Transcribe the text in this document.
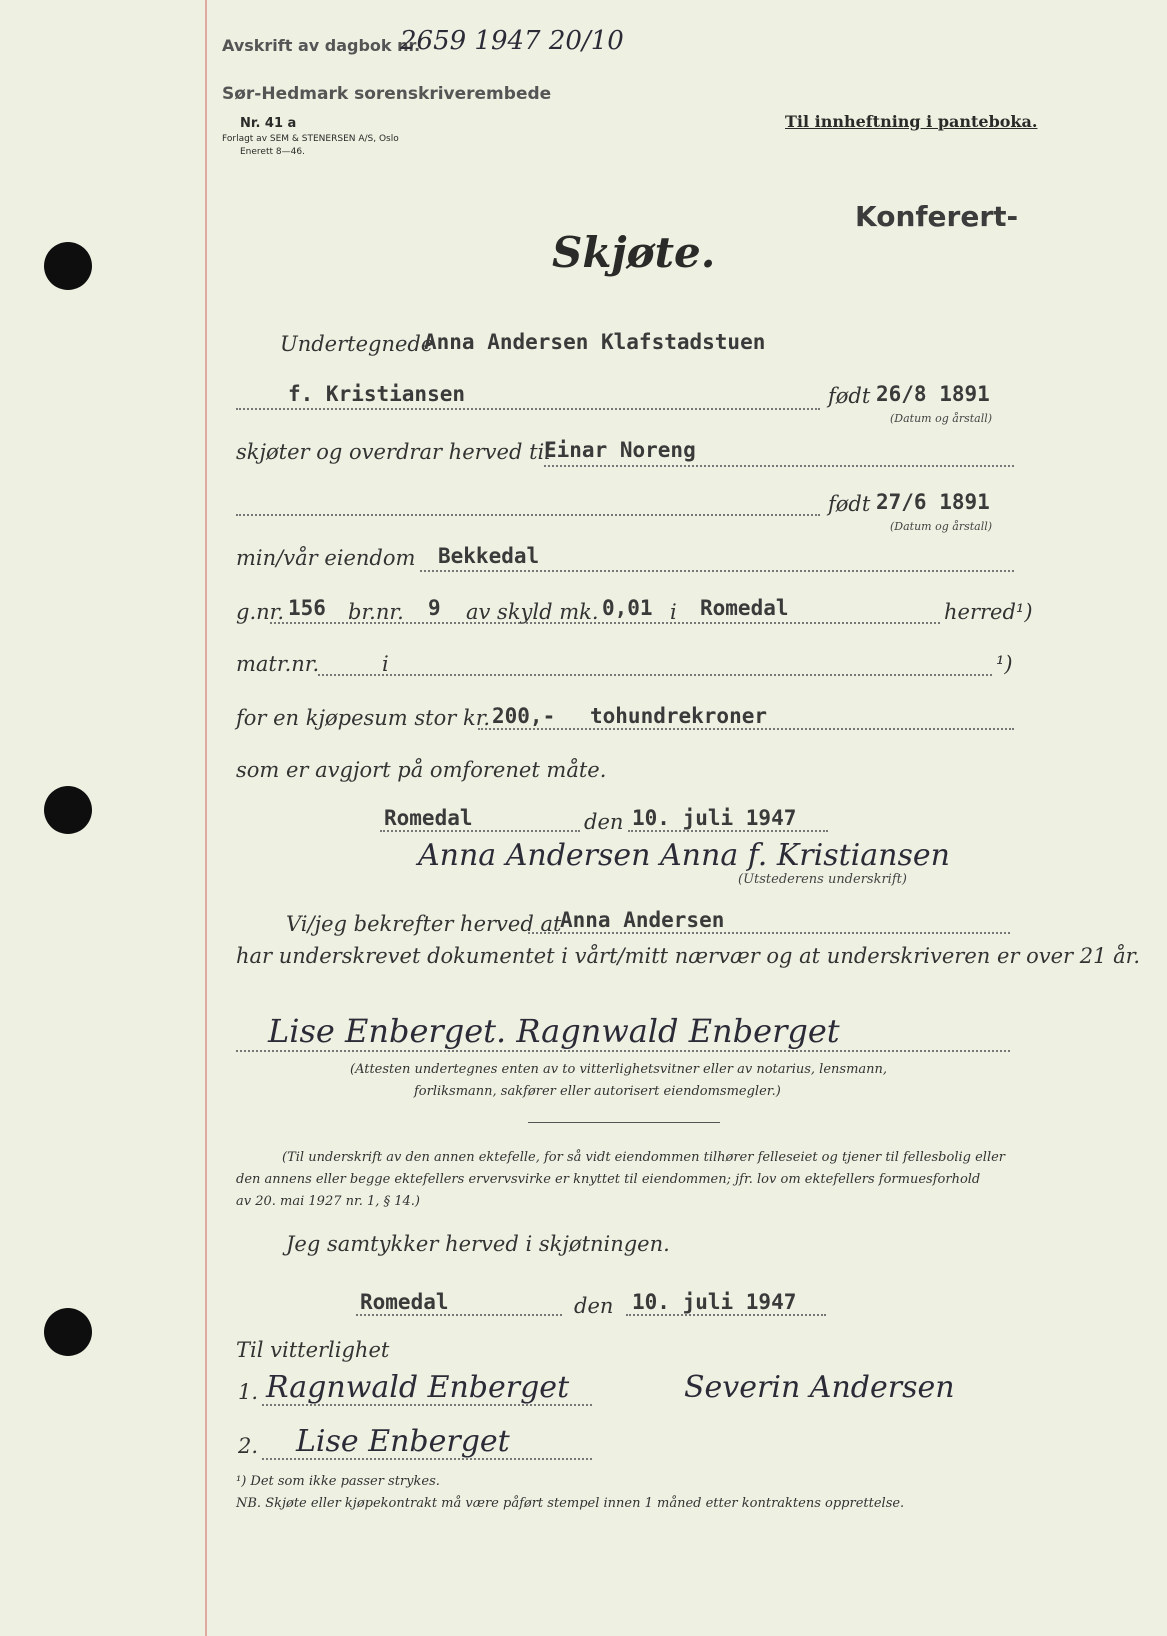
Avskrift av dagbok nr.
2659 1947 20/10
Sør-Hedmark sorenskriverembede
Nr. 41 a
Forlagt av SEM & STENERSEN A/S, Oslo
Enerett 8—46.
Til innheftning i panteboka.
Konferert-
Skjøte.
Undertegnede
Anna Andersen Klafstadstuen
f. Kristiansen	født 26/8 1891
(Datum og årstall)
skjøter og overdrar herved til
Einar Noreng
født 27/6 1891
(Datum og årstall)
min/vår eiendom Bekkedal
g.nr. 156 br.nr. 9 av skyld mk. 0,01 i Romedal	herred¹)
matr.nr.	i	¹)
for en kjøpesum stor kr. 200,- tohundrekroner
som er avgjort på omforenet måte.
Romedal	den 10. juli 1947
Anna Andersen Anna f. Kristiansen
(Utstederens underskrift)
Vi/jeg bekrefter herved at
Anna Andersen
har underskrevet dokumentet i vårt/mitt nærvær og at underskriveren er over 21 år.
Lise Enberget. Ragnwald Enberget
(Attesten undertegnes enten av to vitterlighetsvitner eller av notarius, lensmann,
forliksmann, sakfører eller autorisert eiendomsmegler.)
(Til underskrift av den annen ektefelle, for så vidt eiendommen tilhører felleseiet og tjener til fellesbolig eller
den annens eller begge ektefellers ervervsvirke er knyttet til eiendommen; jfr. lov om ektefellers formuesforhold
av 20. mai 1927 nr. 1, § 14.)
Jeg samtykker herved i skjøtningen.
Romedal	den 10. juli 1947
Til vitterlighet
1. Ragnwald Enberget	Severin Andersen
2. Lise Enberget
¹) Det som ikke passer strykes.
NB. Skjøte eller kjøpekontrakt må være påført stempel innen 1 måned etter kontraktens opprettelse.
